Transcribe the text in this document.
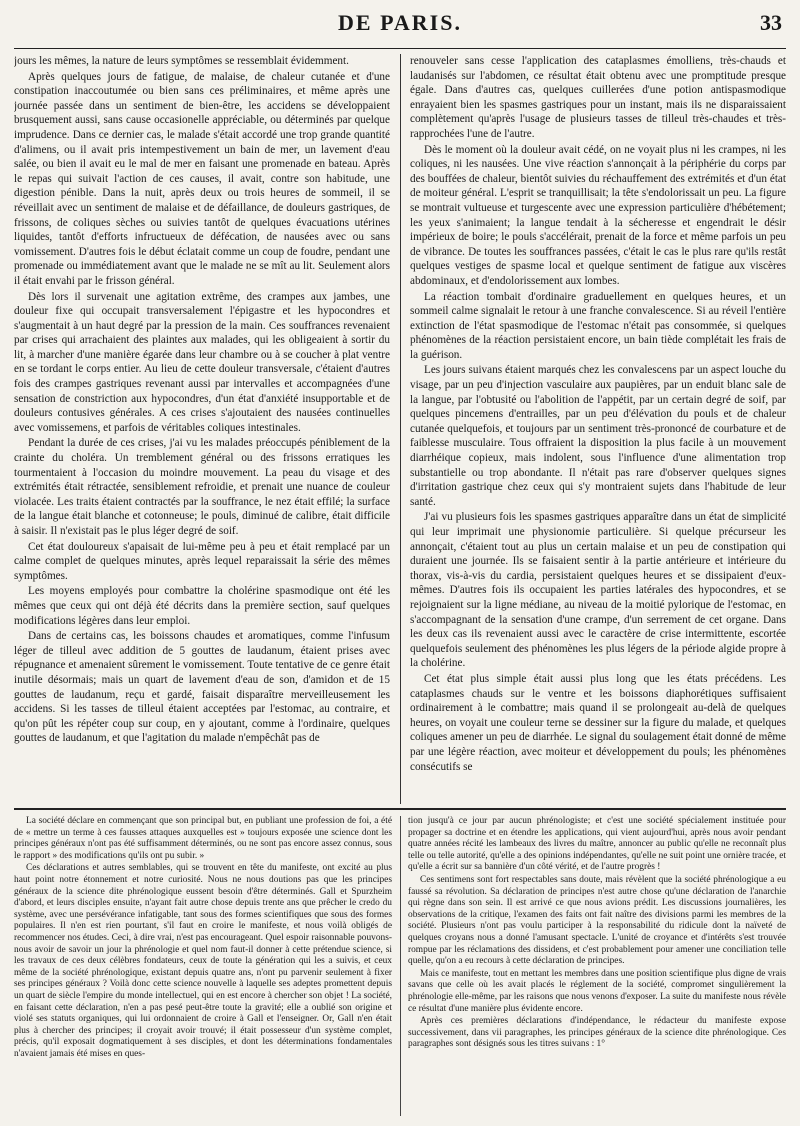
DE PARIS.	33

jours les mêmes, la nature de leurs symptômes se ressemblait évidemment.

Après quelques jours de fatigue, de malaise, de chaleur cutanée et d'une constipation inaccoutumée ou bien sans ces préliminaires, et même après une journée passée dans un sentiment de bien-être, les accidens se développaient brusquement aussi, sans cause occasionelle appréciable, ou déterminés par quelque imprudence. Dans ce dernier cas, le malade s'était accordé une trop grande quantité d'alimens, ou il avait pris intempestivement un bain de mer, un lavement d'eau salée, ou bien il avait eu le mal de mer en faisant une promenade en bateau. Après le repas qui suivait l'action de ces causes, il avait, contre son habitude, une digestion pénible. Dans la nuit, après deux ou trois heures de sommeil, il se réveillait avec un sentiment de malaise et de défaillance, de douleurs gastriques, de frissons, de coliques sèches ou suivies tantôt de quelques évacuations utérines liquides, tantôt d'efforts infructueux de défécation, de nausées avec ou sans vomissement. D'autres fois le début éclatait comme un coup de foudre, pendant une promenade ou immédiatement avant que le malade ne se mît au lit. Seulement alors il était envahi par le frisson général.

Dès lors il survenait une agitation extrême, des crampes aux jambes, une douleur fixe qui occupait transversalement l'épigastre et les hypocondres et s'augmentait à un haut degré par la pression de la main. Ces souffrances revenaient par crises qui arrachaient des plaintes aux malades, qui les obligeaient à sortir du lit, à marcher d'une manière égarée dans leur chambre ou à se coucher à plat ventre en se tordant le corps entier. Au lieu de cette douleur transversale, c'étaient d'autres fois des crampes gastriques revenant aussi par intervalles et accompagnées d'une sensation de constriction aux hypocondres, d'un état d'anxiété insupportable et de douleurs contusives générales. A ces crises s'ajoutaient des nausées continuelles avec vomissemens, et parfois de véritables coliques intestinales.

Pendant la durée de ces crises, j'ai vu les malades préoccupés péniblement de la crainte du choléra. Un tremblement général ou des frissons erratiques les tourmentaient à l'occasion du moindre mouvement. La peau du visage et des extrémités était rétractée, sensiblement refroidie, et prenait une nuance de couleur violacée. Les traits étaient contractés par la souffrance, le nez était effilé; la surface de la langue était blanche et cotonneuse; le pouls, diminué de calibre, était difficile à saisir. Il n'existait pas le plus léger degré de soif.

Cet état douloureux s'apaisait de lui-même peu à peu et était remplacé par un calme complet de quelques minutes, après lequel reparaissait la série des mêmes symptômes.

Les moyens employés pour combattre la cholérine spasmodique ont été les mêmes que ceux qui ont déjà été décrits dans la première section, sauf quelques modifications légères dans leur emploi.

Dans de certains cas, les boissons chaudes et aromatiques, comme l'infusum léger de tilleul avec addition de 5 gouttes de laudanum, étaient prises avec répugnance et amenaient sûrement le vomissement. Toute tentative de ce genre était inutile désormais; mais un quart de lavement d'eau de son, d'amidon et de 15 gouttes de laudanum, reçu et gardé, faisait disparaître merveilleusement les accidens. Si les tasses de tilleul étaient acceptées par l'estomac, au contraire, et qu'on pût les répéter coup sur coup, en y ajoutant, comme à l'ordinaire, quelques gouttes de laudanum, et que l'agitation du malade n'empêchât pas de

renouveler sans cesse l'application des cataplasmes émolliens, très-chauds et laudanisés sur l'abdomen, ce résultat était obtenu avec une promptitude presque égale. Dans d'autres cas, quelques cuillerées d'une potion antispasmodique enrayaient bien les spasmes gastriques pour un instant, mais ils ne disparaissaient complètement qu'après l'usage de plusieurs tasses de tilleul très-chaudes et très-rapprochées l'une de l'autre.

Dès le moment où la douleur avait cédé, on ne voyait plus ni les crampes, ni les coliques, ni les nausées. Une vive réaction s'annonçait à la périphérie du corps par des bouffées de chaleur, bientôt suivies du réchauffement des extrémités et d'un état de moiteur général. L'esprit se tranquillisait; la tête s'endolorissait un peu. La figure se montrait vultueuse et turgescente avec une expression particulière d'hébétement; les yeux s'animaient; la langue tendait à la sécheresse et engendrait le désir impérieux de boire; le pouls s'accélérait, prenait de la force et même parfois un peu de vibrance. De toutes les souffrances passées, c'était le cas le plus rare qu'ils restât quelques vestiges de spasme local et quelque sentiment de fatigue aux viscères abdominaux, et d'endolorissement aux lombes.

La réaction tombait d'ordinaire graduellement en quelques heures, et un sommeil calme signalait le retour à une franche convalescence. Si au réveil l'entière extinction de l'état spasmodique de l'estomac n'était pas consommée, si quelques phénomènes de la réaction persistaient encore, un bain tiède complétait les frais de la guérison.

Les jours suivans étaient marqués chez les convalescens par un aspect louche du visage, par un peu d'injection vasculaire aux paupières, par un enduit blanc sale de la langue, par l'obtusité ou l'abolition de l'appétit, par un certain degré de soif, par quelques pincemens d'entrailles, par un peu d'élévation du pouls et de chaleur cutanée quelquefois, et toujours par un sentiment très-prononcé de courbature et de faiblesse musculaire. Tous offraient la disposition la plus facile à un mouvement diarrhéique copieux, mais indolent, sous l'influence d'une alimentation trop substantielle ou trop abondante. Il n'était pas rare d'observer quelques signes d'irritation gastrique chez ceux qui s'y montraient sujets dans l'habitude de leur santé.

J'ai vu plusieurs fois les spasmes gastriques apparaître dans un état de simplicité qui leur imprimait une physionomie particulière. Si quelque précurseur les annonçait, c'étaient tout au plus un certain malaise et un peu de constipation qui duraient une journée. Ils se faisaient sentir à la partie antérieure et intérieure du thorax, vis-à-vis du cardia, persistaient quelques heures et se dissipaient d'eux-mêmes. D'autres fois ils occupaient les parties latérales des hypocondres, et se rejoignaient sur la ligne médiane, au niveau de la moitié pylorique de l'estomac, en s'accompagnant de la sensation d'une crampe, d'un serrement de cet organe. Dans les deux cas ils revenaient aussi avec le caractère de crise intermittente, escortée quelquefois seulement des phénomènes les plus légers de la période algide propre à la cholérine.

Cet état plus simple était aussi plus long que les états précédens. Les cataplasmes chauds sur le ventre et les boissons diaphorétiques suffisaient ordinairement à le combattre; mais quand il se prolongeait au-delà de quelques heures, on voyait une couleur terne se dessiner sur la figure du malade, et quelques coliques amener un peu de diarrhée. Le signal du soulagement était donné de même par une légère réaction, avec moiteur et développement du pouls; les phénomènes consécutifs se

La société déclare en commençant que son principal but, en publiant une profession de foi, a été de « mettre un terme à ces fausses attaques auxquelles est » toujours exposée une science dont les principes généraux n'ont pas été suffisamment déterminés, ou ne sont pas encore assez connus, sous le rapport » des modifications qu'ils ont pu subir. »

Ces déclarations et autres semblables, qui se trouvent en tête du manifeste, ont excité au plus haut point notre étonnement et notre curiosité. Nous ne nous doutions pas que les principes généraux de la science dite phrénologique eussent besoin d'être déterminés. Gall et Spurzheim d'abord, et leurs disciples ensuite, n'ayant fait autre chose depuis trente ans que prêcher le credo du système, avec une persévérance infatigable, tant sous des formes scientifiques que sous des formes populaires. Il n'en est rien pourtant, s'il faut en croire le manifeste, et nous voilà obligés de recommencer nos études. Ceci, à dire vrai, n'est pas encourageant. Quel espoir raisonnable pouvons-nous avoir de savoir un jour la phrénologie et quel nom faut-il donner à cette prétendue science, si les travaux de ces deux célèbres fondateurs, ceux de toute la génération qui les a suivis, et ceux même de la société phrénologique, existant depuis quatre ans, n'ont pu parvenir seulement à fixer ses principes généraux ? Voilà donc cette science nouvelle à laquelle ses adeptes promettent depuis un quart de siècle l'empire du monde intellectuel, qui en est encore à chercher son objet ! La société, en faisant cette déclaration, n'en a pas pesé peut-être toute la gravité; elle a oublié son origine et violé ses statuts organiques, qui lui ordonnaient de croire à Gall et l'enseigner. Or, Gall n'en était plus à chercher des principes; il croyait avoir trouvé; il était possesseur d'un système complet, précis, qu'il exposait dogmatiquement à ses disciples, et dont les déterminations fondamentales n'avaient jamais été mises en ques-

tion jusqu'à ce jour par aucun phrénologiste; et c'est une société spécialement instituée pour propager sa doctrine et en étendre les applications, qui vient aujourd'hui, après nous avoir pendant quatre années récité les lambeaux des livres du maître, annoncer au public qu'elle ne reconnaît plus telle ou telle autorité, qu'elle a des opinions indépendantes, qu'elle ne suit point une ornière tracée, et qu'elle a écrit sur sa bannière d'un côté vérité, et de l'autre progrès !

Ces sentimens sont fort respectables sans doute, mais révèlent que la société phrénologique a eu faussé sa révolution. Sa déclaration de principes n'est autre chose qu'une déclaration de l'anarchie qui règne dans son sein. Il est arrivé ce que nous avions prédit. Les discussions journalières, les observations de la critique, l'examen des faits ont fait naître des divisions parmi les membres de la société. Plusieurs n'ont pas voulu participer à la responsabilité du ridicule dont la naïveté de quelques croyans nous a donné l'amusant spectacle. L'unité de croyance et d'intérêts s'est trouvée rompue par les réclamations des dissidens, et c'est probablement pour amener une conciliation telle quelle, qu'on a eu recours à cette déclaration de principes.

Mais ce manifeste, tout en mettant les membres dans une position scientifique plus digne de vrais savans que celle où les avait placés le réglement de la société, compromet singulièrement la phrénologie elle-même, par les raisons que nous venons d'exposer. La suite du manifeste nous révèle ce résultat d'une manière plus évidente encore.

Après ces premières déclarations d'indépendance, le rédacteur du manifeste expose successivement, dans vii paragraphes, les principes généraux de la science dite phrénologique. Ces paragraphes sont désignés sous les titres suivans : 1°
